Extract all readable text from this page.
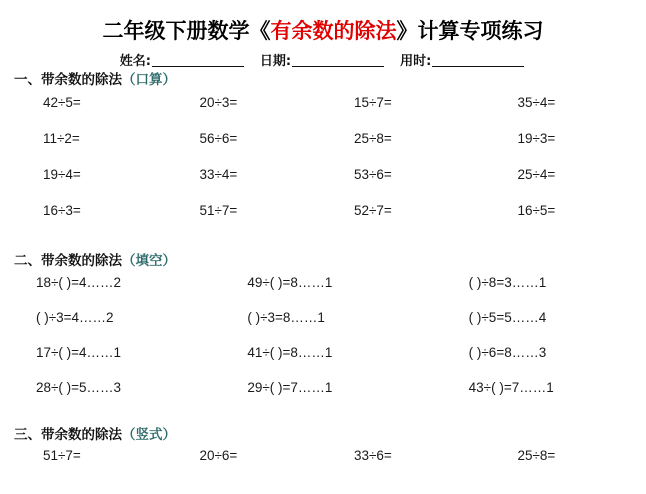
二年级下册数学《有余数的除法》计算专项练习
姓名:	日期:	用时:
一、带余数的除法（口算）
42÷5=	20÷3=	15÷7=	35÷4=
11÷2=	56÷6=	25÷8=	19÷3=
19÷4=	33÷4=	53÷6=	25÷4=
16÷3=	51÷7=	52÷7=	16÷5=
二、带余数的除法（填空）
18÷( )=4……2	49÷( )=8……1	( )÷8=3……1
( )÷3=4……2	( )÷3=8……1	( )÷5=5……4
17÷( )=4……1	41÷( )=8……1	( )÷6=8……3
28÷( )=5……3	29÷( )=7……1	43÷( )=7……1
三、带余数的除法（竖式）
51÷7=	20÷6=	33÷6=	25÷8=
